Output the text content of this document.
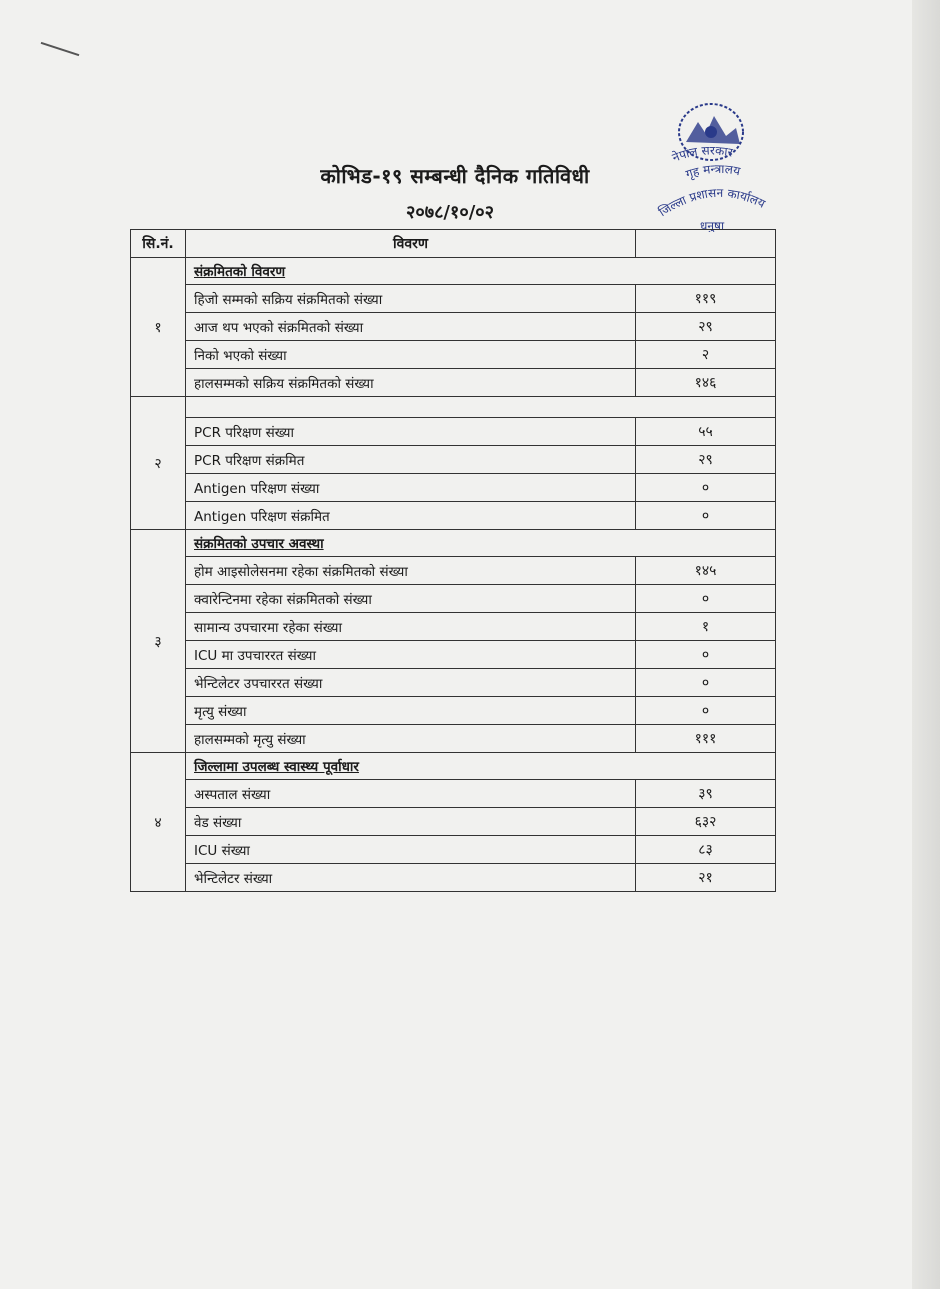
कोभिड-१९ सम्बन्धी दैनिक गतिविधी
२०७८/१०/०२
नेपाल सरकार
गृह मन्त्रालय
जिल्ला प्रशासन कार्यालय
धनुषा
सि.नं.	विवरण	
१	संक्रमितको विवरण	
	हिजो सम्मको सक्रिय संक्रमितको संख्या	११९
	आज थप भएको संक्रमितको संख्या	२९
	निको भएको संख्या	२
	हालसम्मको सक्रिय संक्रमितको संख्या	१४६
२		
	PCR परिक्षण संख्या	५५
	PCR परिक्षण संक्रमित	२९
	Antigen परिक्षण संख्या	०
	Antigen परिक्षण संक्रमित	०
३	संक्रमितको उपचार अवस्था	
	होम आइसोलेसनमा रहेका संक्रमितको संख्या	१४५
	क्वारेन्टिनमा रहेका संक्रमितको संख्या	०
	सामान्य उपचारमा रहेका संख्या	१
	ICU मा उपचाररत संख्या	०
	भेन्टिलेटर उपचाररत संख्या	०
	मृत्यु संख्या	०
	हालसम्मको मृत्यु संख्या	१११
४	जिल्लामा उपलब्ध स्वास्थ्य पूर्वाधार	
	अस्पताल संख्या	३९
	वेड संख्या	६३२
	ICU संख्या	८३
	भेन्टिलेटर संख्या	२१
